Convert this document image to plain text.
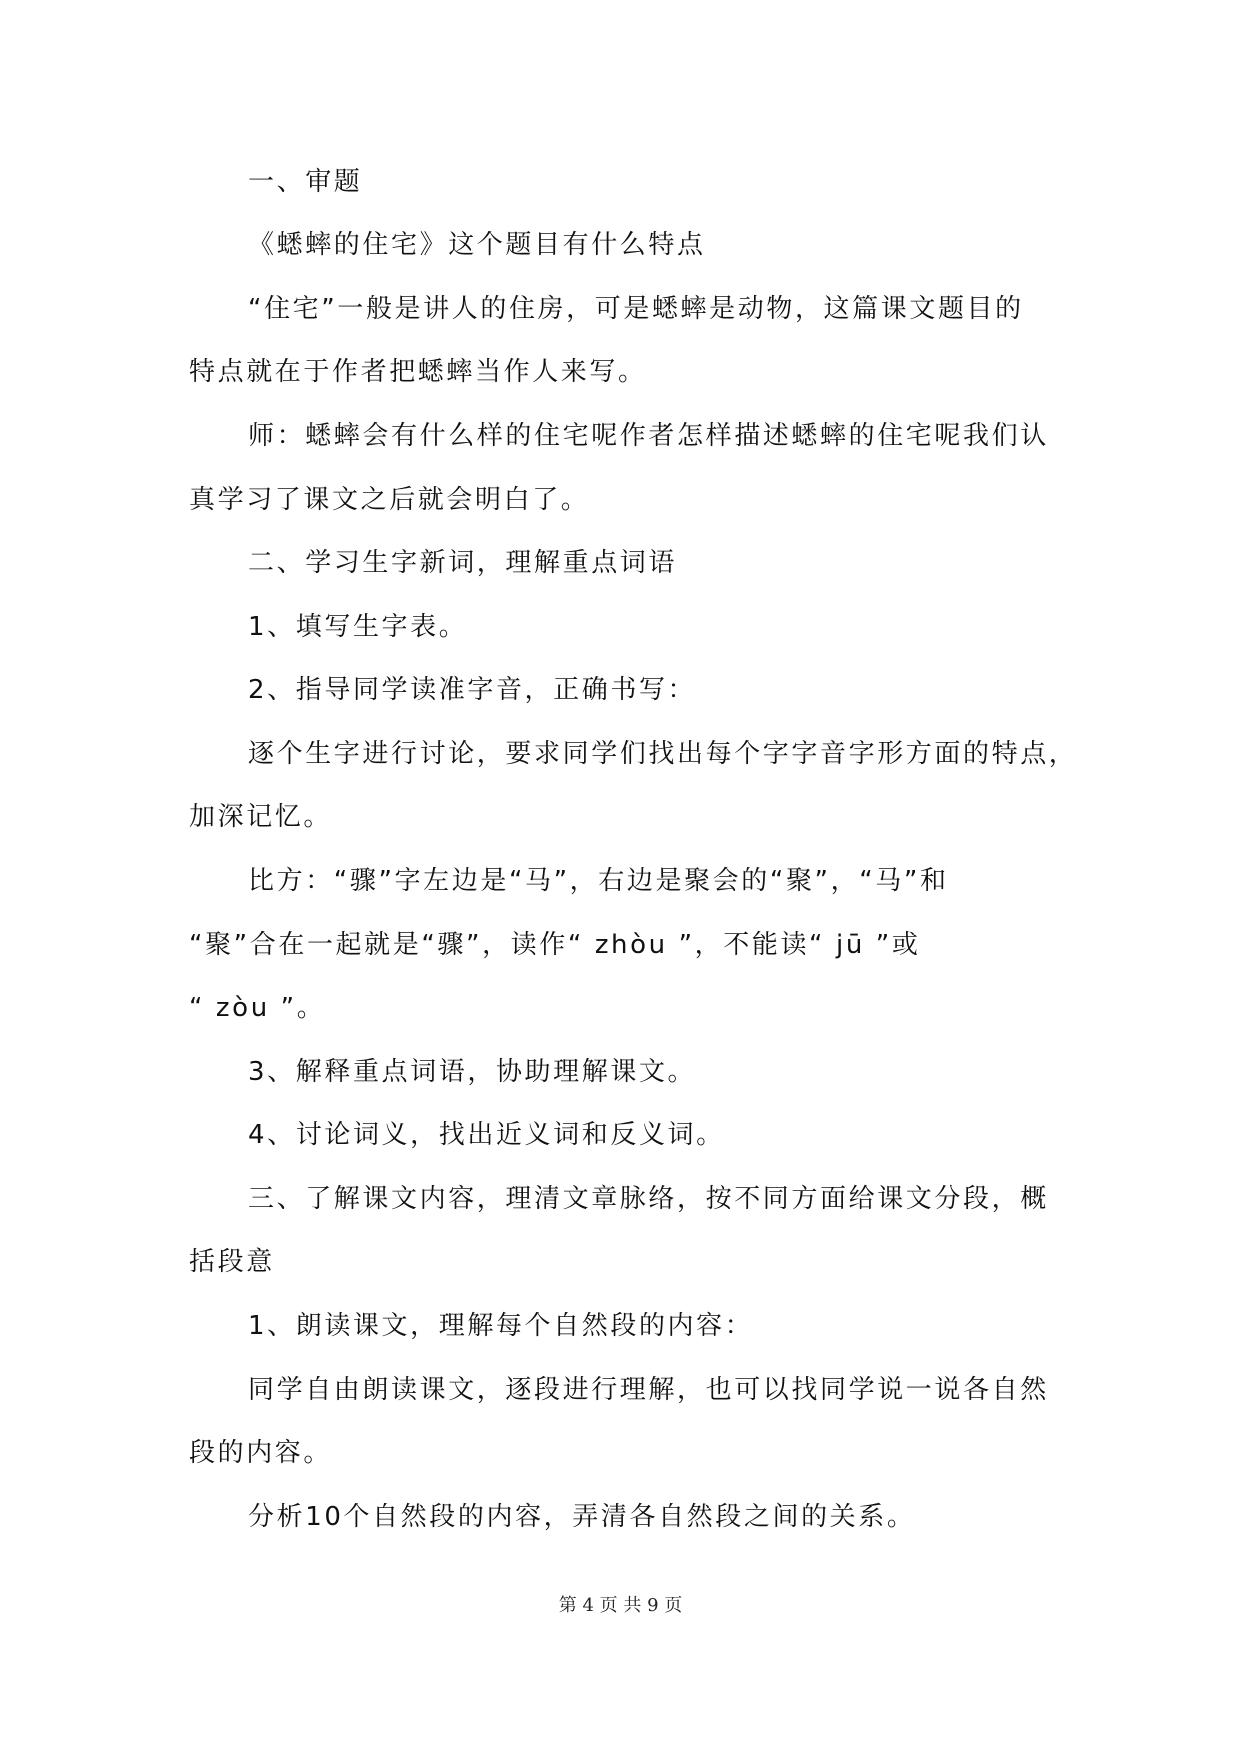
一、审题
《蟋蟀的住宅》这个题目有什么特点
“住宅”一般是讲人的住房，可是蟋蟀是动物，这篇课文题目的
特点就在于作者把蟋蟀当作人来写。
师：蟋蟀会有什么样的住宅呢作者怎样描述蟋蟀的住宅呢我们认
真学习了课文之后就会明白了。
二、学习生字新词，理解重点词语
1、填写生字表。
2、指导同学读准字音，正确书写：
逐个生字进行讨论，要求同学们找出每个字字音字形方面的特点，
加深记忆。
比方：“骤”字左边是“马”，右边是聚会的“聚”，“马”和
“聚”合在一起就是“骤”，读作“ zhòu ”，不能读“ jū ”或
“ zòu ”。
3、解释重点词语，协助理解课文。
4、讨论词义，找出近义词和反义词。
三、了解课文内容，理清文章脉络，按不同方面给课文分段，概
括段意
1、朗读课文，理解每个自然段的内容：
同学自由朗读课文，逐段进行理解，也可以找同学说一说各自然
段的内容。
分析10个自然段的内容，弄清各自然段之间的关系。
第 4 页 共 9 页
